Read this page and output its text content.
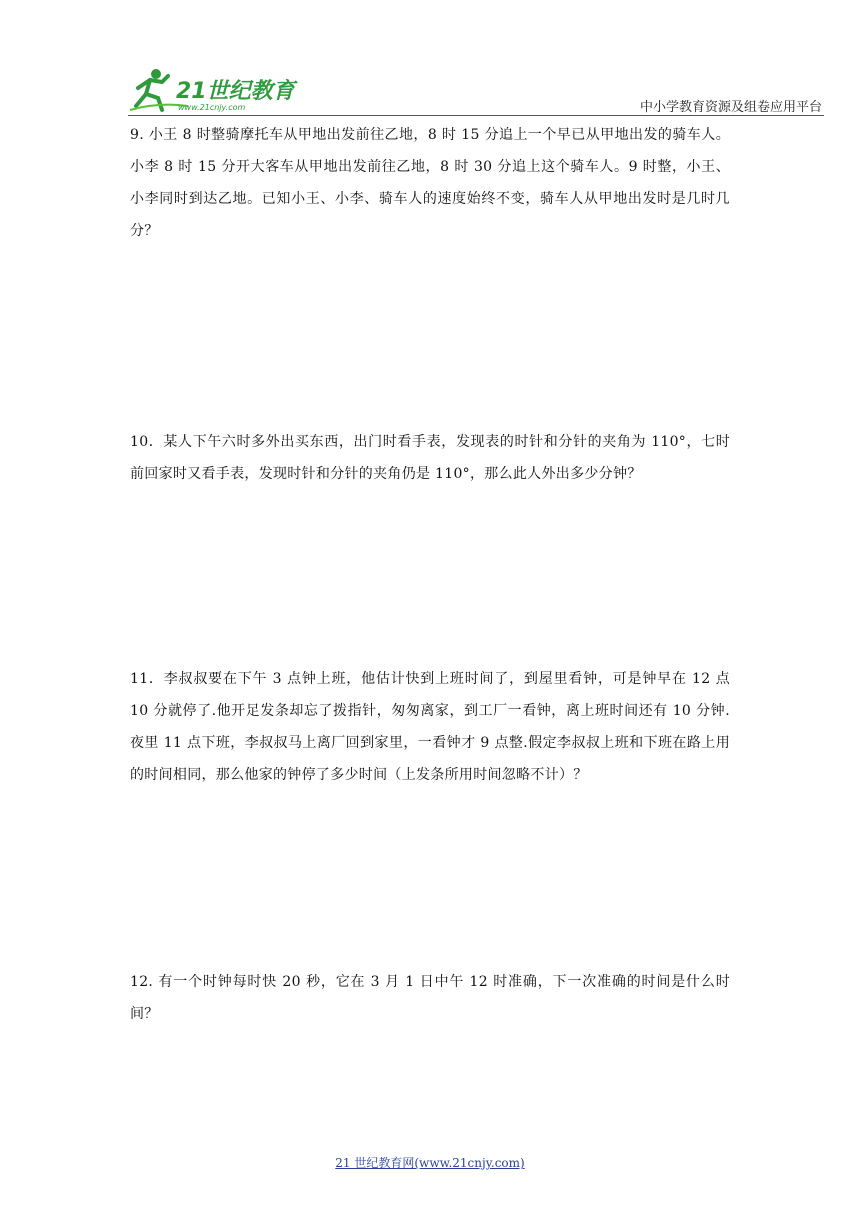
21世纪教育
www.21cnjy.com	中小学教育资源及组卷应用平台

9. 小王 8 时整骑摩托车从甲地出发前往乙地，8 时 15 分追上一个早已从甲地出发的骑车人。小李 8 时 15 分开大客车从甲地出发前往乙地，8 时 30 分追上这个骑车人。9 时整，小王、小李同时到达乙地。已知小王、小李、骑车人的速度始终不变，骑车人从甲地出发时是几时几分？

10．某人下午六时多外出买东西，出门时看手表，发现表的时针和分针的夹角为 110°，七时前回家时又看手表，发现时针和分针的夹角仍是 110°，那么此人外出多少分钟？

11．李叔叔要在下午 3 点钟上班，他估计快到上班时间了，到屋里看钟，可是钟早在 12 点 10 分就停了.他开足发条却忘了拨指针，匆匆离家，到工厂一看钟，离上班时间还有 10 分钟.夜里 11 点下班，李叔叔马上离厂回到家里，一看钟才 9 点整.假定李叔叔上班和下班在路上用的时间相同，那么他家的钟停了多少时间（上发条所用时间忽略不计）？

12. 有一个时钟每时快 20 秒，它在 3 月 1 日中午 12 时准确，下一次准确的时间是什么时间？

21 世纪教育网(www.21cnjy.com)
